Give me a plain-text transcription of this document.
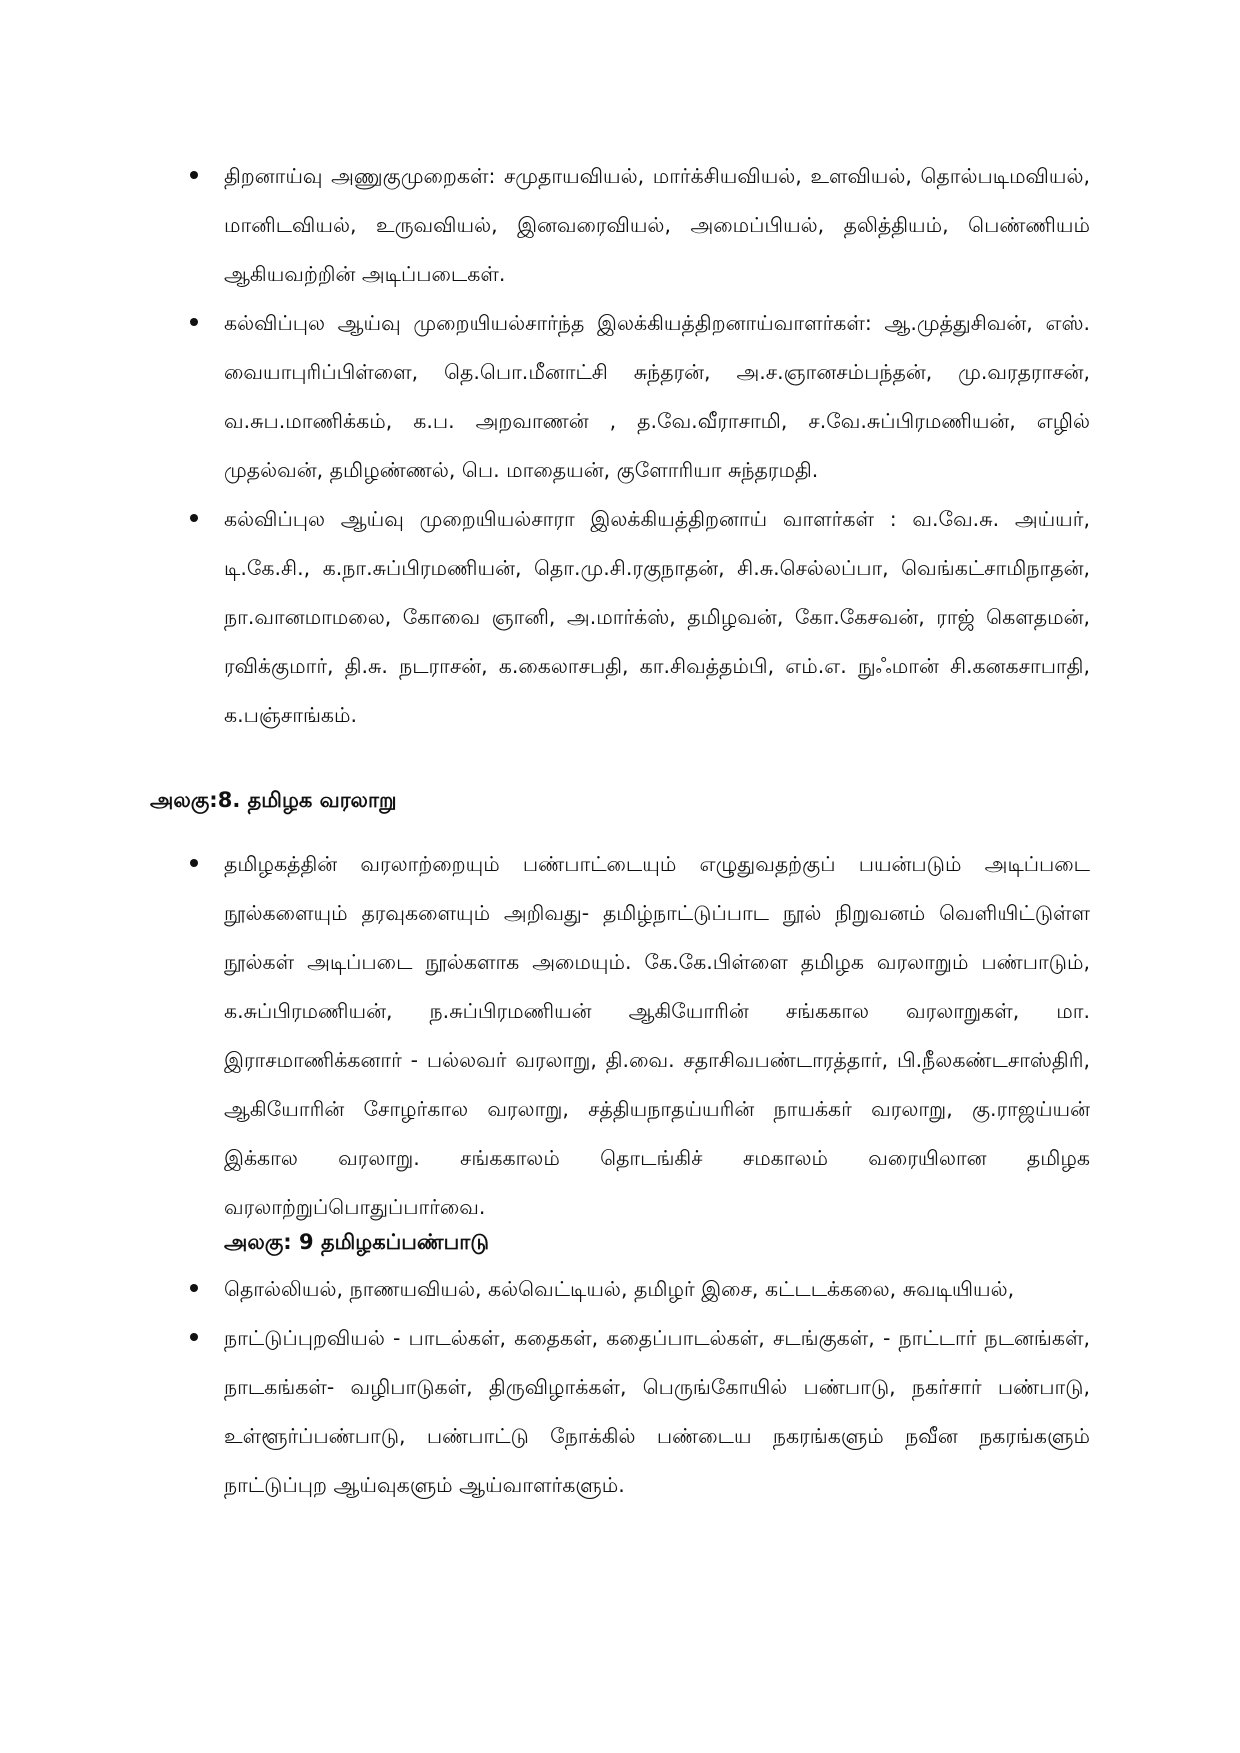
திறனாய்வு அணுகுமுறைகள்: சமுதாயவியல், மார்க்சியவியல், உளவியல், தொல்படிமவியல், மானிடவியல், உருவவியல், இனவரைவியல், அமைப்பியல், தலித்தியம், பெண்ணியம் ஆகியவற்றின் அடிப்படைகள்.
கல்விப்புல ஆய்வு முறையியல்சார்ந்த இலக்கியத்திறனாய்வாளர்கள்: ஆ.முத்துசிவன், எஸ். வையாபுரிப்பிள்ளை, தெ.பொ.மீனாட்சி சுந்தரன், அ.ச.ஞானசம்பந்தன், மு.வரதராசன், வ.சுப.மாணிக்கம், க.ப. அறவாணன் , த.வே.வீராசாமி, ச.வே.சுப்பிரமணியன், எழில் முதல்வன், தமிழண்ணல், பெ. மாதையன், குளோரியா சுந்தரமதி.
கல்விப்புல ஆய்வு முறையியல்சாரா இலக்கியத்திறனாய் வாளர்கள் : வ.வே.சு. அய்யர், டி.கே.சி., க.நா.சுப்பிரமணியன், தொ.மு.சி.ரகுநாதன், சி.சு.செல்லப்பா, வெங்கட்சாமிநாதன், நா.வானமாமலை, கோவை ஞானி, அ.மார்க்ஸ், தமிழவன், கோ.கேசவன், ராஜ் கௌதமன், ரவிக்குமார், தி.சு. நடராசன், க.கைலாசபதி, கா.சிவத்தம்பி, எம்.எ. நுஃமான் சி.கனகசாபாதி, க.பஞ்சாங்கம்.
அலகு:8. தமிழக வரலாறு
தமிழகத்தின் வரலாற்றையும் பண்பாட்டையும் எழுதுவதற்குப் பயன்படும் அடிப்படை நூல்களையும் தரவுகளையும் அறிவது- தமிழ்நாட்டுப்பாட நூல் நிறுவனம் வெளியிட்டுள்ள நூல்கள் அடிப்படை நூல்களாக அமையும். கே.கே.பிள்ளை தமிழக வரலாறும் பண்பாடும், க.சுப்பிரமணியன், ந.சுப்பிரமணியன் ஆகியோரின் சங்ககால வரலாறுகள், மா. இராசமாணிக்கனார் - பல்லவர் வரலாறு, தி.வை. சதாசிவபண்டாரத்தார், பி.நீலகண்டசாஸ்திரி, ஆகியோரின் சோழர்கால வரலாறு, சத்தியநாதய்யரின் நாயக்கர் வரலாறு, கு.ராஜய்யன் இக்கால வரலாறு. சங்ககாலம் தொடங்கிச் சமகாலம் வரையிலான தமிழக வரலாற்றுப்பொதுப்பார்வை.
அலகு: 9 தமிழகப்பண்பாடு
தொல்லியல், நாணயவியல், கல்வெட்டியல், தமிழர் இசை, கட்டடக்கலை, சுவடியியல்,
நாட்டுப்புறவியல் - பாடல்கள், கதைகள், கதைப்பாடல்கள், சடங்குகள், - நாட்டார் நடனங்கள், நாடகங்கள்- வழிபாடுகள், திருவிழாக்கள், பெருங்கோயில் பண்பாடு, நகர்சார் பண்பாடு, உள்ளூர்ப்பண்பாடு, பண்பாட்டு நோக்கில் பண்டைய நகரங்களும் நவீன நகரங்களும் நாட்டுப்புற ஆய்வுகளும் ஆய்வாளர்களும்.
